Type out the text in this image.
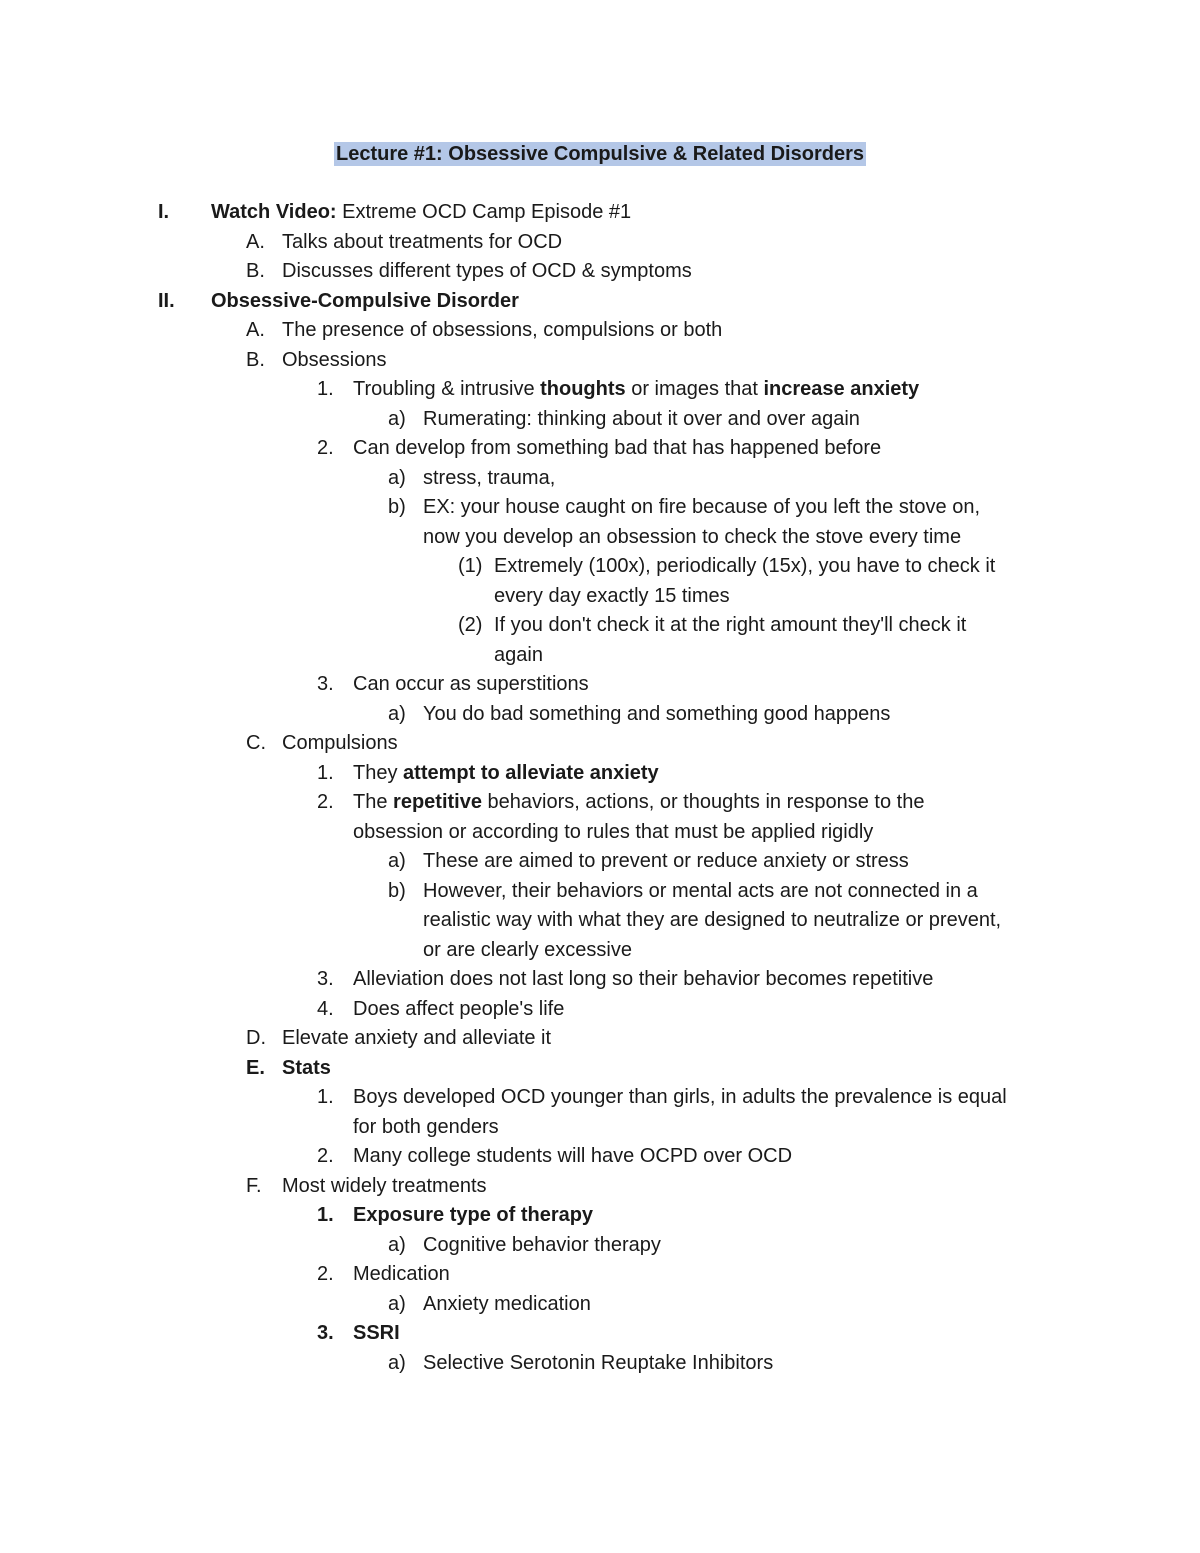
Lecture #1: Obsessive Compulsive & Related Disorders
I. Watch Video: Extreme OCD Camp Episode #1
A. Talks about treatments for OCD
B. Discusses different types of OCD & symptoms
II. Obsessive-Compulsive Disorder
A. The presence of obsessions, compulsions or both
B. Obsessions
1. Troubling & intrusive thoughts or images that increase anxiety
a) Rumerating: thinking about it over and over again
2. Can develop from something bad that has happened before
a) stress, trauma,
b) EX: your house caught on fire because of you left the stove on,
now you develop an obsession to check the stove every time
(1) Extremely (100x), periodically (15x), you have to check it
every day exactly 15 times
(2) If you don't check it at the right amount they'll check it
again
3. Can occur as superstitions
a) You do bad something and something good happens
C. Compulsions
1. They attempt to alleviate anxiety
2. The repetitive behaviors, actions, or thoughts in response to the
obsession or according to rules that must be applied rigidly
a) These are aimed to prevent or reduce anxiety or stress
b) However, their behaviors or mental acts are not connected in a
realistic way with what they are designed to neutralize or prevent,
or are clearly excessive
3. Alleviation does not last long so their behavior becomes repetitive
4. Does affect people's life
D. Elevate anxiety and alleviate it
E. Stats
1. Boys developed OCD younger than girls, in adults the prevalence is equal
for both genders
2. Many college students will have OCPD over OCD
F. Most widely treatments
1. Exposure type of therapy
a) Cognitive behavior therapy
2. Medication
a) Anxiety medication
3. SSRI
a) Selective Serotonin Reuptake Inhibitors
